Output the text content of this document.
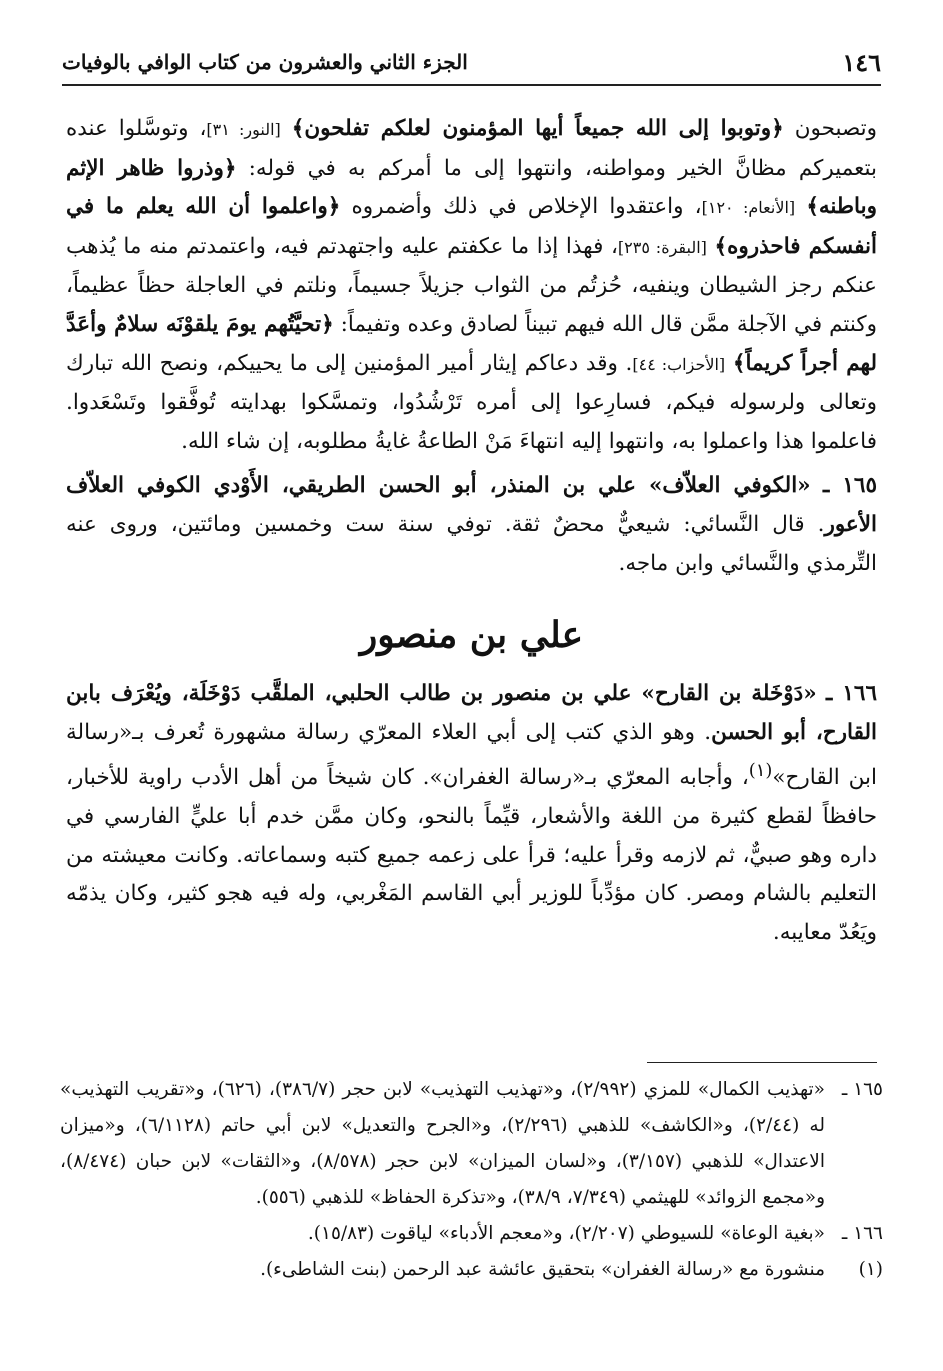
١٤٦
الجزء الثاني والعشرون من كتاب الوافي بالوفيات

وتصبحون ﴿وتوبوا إلى الله جميعاً أيها المؤمنون لعلكم تفلحون﴾ [النور: ٣١]، وتوسَّلوا عنده بتعميركم مظانَّ الخير ومواطنه، وانتهوا إلى ما أمركم به في قوله: ﴿وذروا ظاهر الإثم وباطنه﴾ [الأنعام: ١٢٠]، واعتقدوا الإخلاص في ذلك وأضمروه ﴿واعلموا أن الله يعلم ما في أنفسكم فاحذروه﴾ [البقرة: ٢٣٥]، فهذا إذا ما عكفتم عليه واجتهدتم فيه، واعتمدتم منه ما يُذهب عنكم رجز الشيطان وينفيه، حُزتُم من الثواب جزيلاً جسيماً، ونلتم في العاجلة حظاً عظيماً، وكنتم في الآجلة ممَّن قال الله فيهم تبيناً لصادق وعده وتفيماً: ﴿تحيَّتُهم يومَ يلقوْنَه سلامٌ وأعَدَّ لهم أجراً كريماً﴾ [الأحزاب: ٤٤]. وقد دعاكم إيثار أمير المؤمنين إلى ما يحييكم، ونصح الله تبارك وتعالى ولرسوله فيكم، فسارِعوا إلى أمره تَرْشُدُوا، وتمسَّكوا بهدايته تُوفَّقوا وتَسْعَدوا. فاعلموا هذا واعملوا به، وانتهوا إليه انتهاءَ مَنْ الطاعةُ غايةُ مطلوبه، إن شاء الله.

١٦٥ ـ «الكوفي العلاّف» علي بن المنذر، أبو الحسن الطريقي، الأَوْدي الكوفي العلاّف الأعور. قال النَّسائي: شيعيٌّ محضٌ ثقة. توفي سنة ست وخمسين ومائتين، وروى عنه التِّرمذي والنَّسائي وابن ماجه.

علي بن منصور

١٦٦ ـ «دَوْخَلة بن القارح» علي بن منصور بن طالب الحلبي، الملقَّب دَوْخَلَة، ويُعْرَف بابن القارح، أبو الحسن. وهو الذي كتب إلى أبي العلاء المعرّي رسالة مشهورة تُعرف بـ«رسالة ابن القارح»$^{(١)}$، وأجابه المعرّي بـ«رسالة الغفران». كان شيخاً من أهل الأدب راوية للأخبار، حافظاً لقطع كثيرة من اللغة والأشعار، قيِّماً بالنحو، وكان ممَّن خدم أبا عليٍّ الفارسي في داره وهو صبيٌّ، ثم لازمه وقرأ عليه؛ قرأ على زعمه جميع كتبه وسماعاته. وكانت معيشته من التعليم بالشام ومصر. كان مؤدِّباً للوزير أبي القاسم المَغْربي، وله فيه هجو كثير، وكان يذمّه ويَعُدّ معايبه.

١٦٥ ـ
«تهذيب الكمال» للمزي (٢/٩٩٢)، و«تهذيب التهذيب» لابن حجر (٣٨٦/٧)، (٦٢٦)، و«تقريب التهذيب» له (٢/٤٤)، و«الكاشف» للذهبي (٢/٢٩٦)، و«الجرح والتعديل» لابن أبي حاتم (٦/١١٢٨)، و«ميزان الاعتدال» للذهبي (٣/١٥٧)، و«لسان الميزان» لابن حجر (٨/٥٧٨)، و«الثقات» لابن حبان (٨/٤٧٤)، و«مجمع الزوائد» للهيثمي (٧/٣٤٩، ٣٨/٩)، و«تذكرة الحفاظ» للذهبي (٥٥٦).

١٦٦ ـ
«بغية الوعاة» للسيوطي (٢/٢٠٧)، و«معجم الأدباء» لياقوت (١٥/٨٣).

(١)
منشورة مع «رسالة الغفران» بتحقيق عائشة عبد الرحمن (بنت الشاطىء).
